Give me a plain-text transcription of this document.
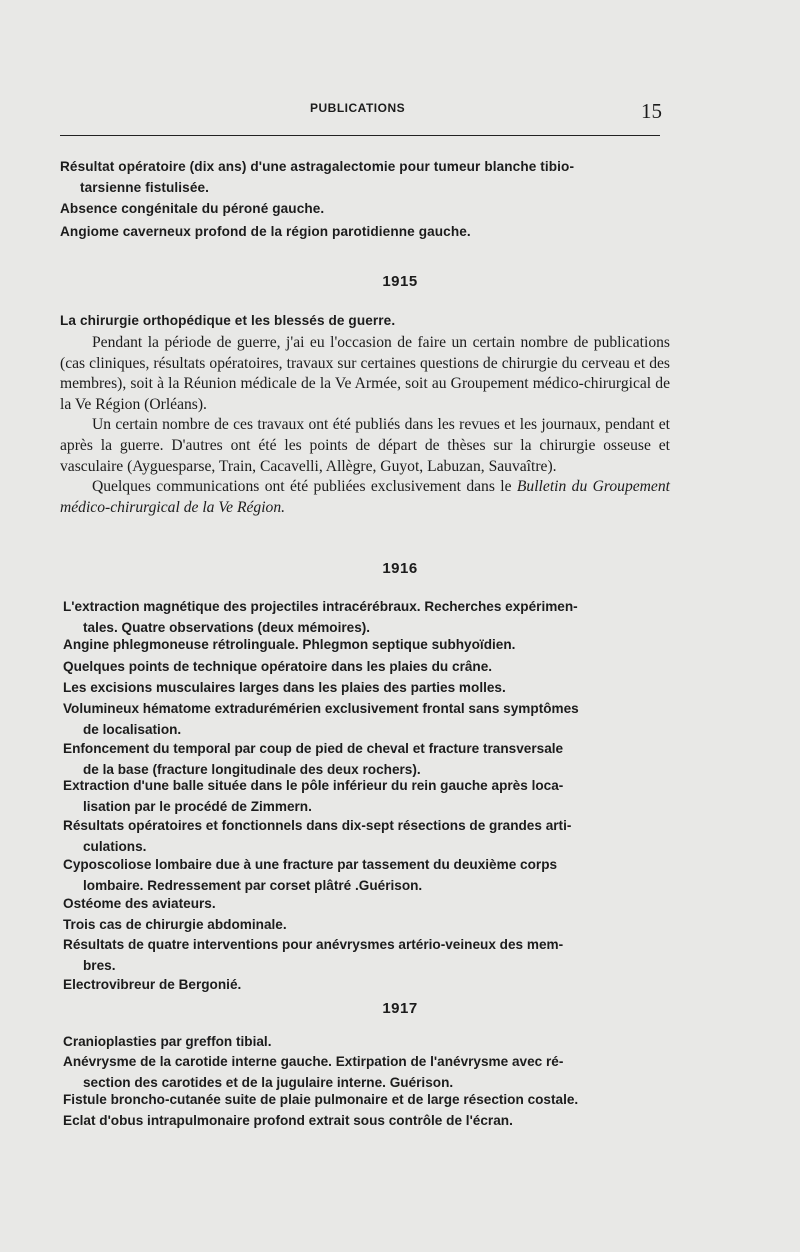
PUBLICATIONS	15
Résultat opératoire (dix ans) d'une astragalectomie pour tumeur blanche tibio-

tarsienne fistulisée.
Absence congénitale du péroné gauche.
Angiome caverneux profond de la région parotidienne gauche.
1915
La chirurgie orthopédique et les blessés de guerre.

Pendant la période de guerre, j'ai eu l'occasion de faire un certain nombre de publications (cas cliniques, résultats opératoires, travaux sur certaines questions de chirurgie du cerveau et des membres), soit à la Réunion médicale de la Ve Armée, soit au Groupement médico-chirurgical de la Ve Région (Orléans).

Un certain nombre de ces travaux ont été publiés dans les revues et les journaux, pendant et après la guerre. D'autres ont été les points de départ de thèses sur la chirurgie osseuse et vasculaire (Ayguesparse, Train, Cacavelli, Allègre, Guyot, Labuzan, Sauvaître).

Quelques communications ont été publiées exclusivement dans le Bulletin du Groupement médico-chirurgical de la Ve Région.

1916
L'extraction magnétique des projectiles intracérébraux. Recherches expérimen-

tales. Quatre observations (deux mémoires).
Angine phlegmoneuse rétrolinguale. Phlegmon septique subhyoïdien.
Quelques points de technique opératoire dans les plaies du crâne.
Les excisions musculaires larges dans les plaies des parties molles.
Volumineux hématome extradurémérien exclusivement frontal sans symptômes

de localisation.
Enfoncement du temporal par coup de pied de cheval et fracture transversale

de la base (fracture longitudinale des deux rochers).
Extraction d'une balle située dans le pôle inférieur du rein gauche après loca-

lisation par le procédé de Zimmern.
Résultats opératoires et fonctionnels dans dix-sept résections de grandes arti-

culations.
Cyposcoliose lombaire due à une fracture par tassement du deuxième corps

lombaire. Redressement par corset plâtré .Guérison.
Ostéome des aviateurs.
Trois cas de chirurgie abdominale.
Résultats de quatre interventions pour anévrysmes artério-veineux des mem-

bres.
Electrovibreur de Bergonié.
1917
Cranioplasties par greffon tibial.
Anévrysme de la carotide interne gauche. Extirpation de l'anévrysme avec ré-

section des carotides et de la jugulaire interne. Guérison.
Fistule broncho-cutanée suite de plaie pulmonaire et de large résection costale.
Eclat d'obus intrapulmonaire profond extrait sous contrôle de l'écran.
